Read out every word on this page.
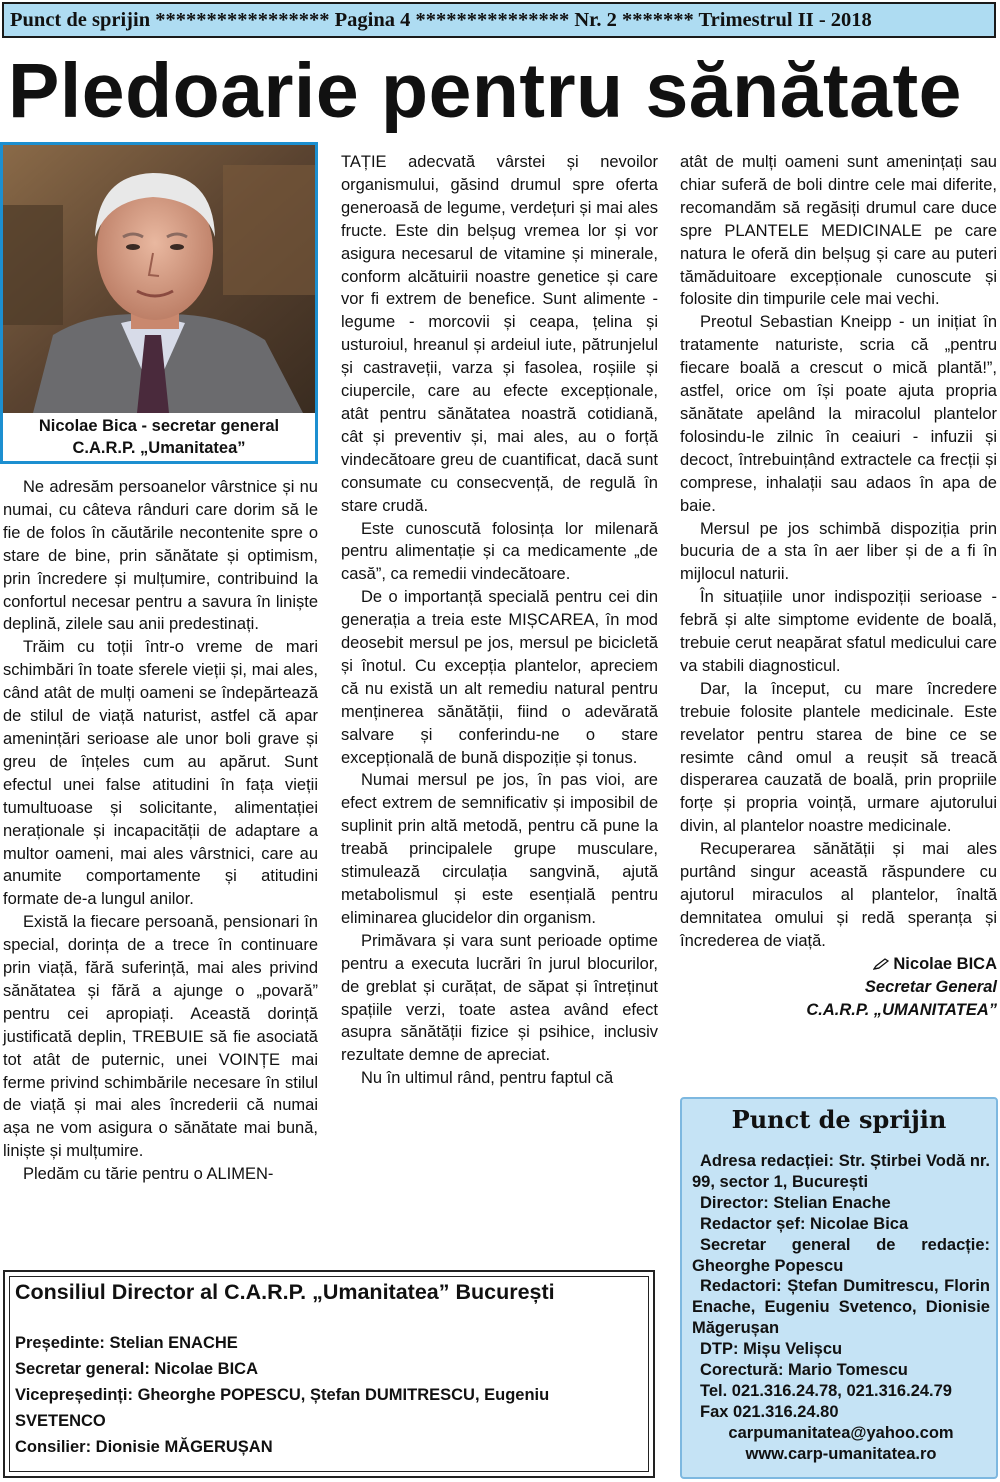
Punct de sprijin ***************** Pagina 4 *************** Nr. 2 ******* Trimestrul II - 2018
Pledoarie pentru sănătate
Nicolae Bica - secretar general
C.A.R.P. „Umanitatea”

Ne adresăm persoanelor vârstnice și nu numai, cu câteva rânduri care dorim să le fie de folos în căutările necontenite spre o stare de bine, prin sănătate și optimism, prin încredere și mulțumire, contribuind la confortul necesar pentru a savura în liniște deplină, zilele sau anii predestinați.

Trăim cu toții într-o vreme de mari schimbări în toate sferele vieții și, mai ales, când atât de mulți oameni se îndepărtează de stilul de viață naturist, astfel că apar amenințări serioase ale unor boli grave și greu de înțeles cum au apărut. Sunt efectul unei false atitudini în fața vieții tumultuoase și solicitante, alimentației neraționale și incapacității de adaptare a multor oameni, mai ales vârstnici, care au anumite comportamente și atitudini formate de-a lungul anilor.

Există la fiecare persoană, pensionari în special, dorința de a trece în continuare prin viață, fără suferință, mai ales privind sănătatea și fără a ajunge o „povară” pentru cei apropiați. Această dorință justificată deplin, TREBUIE să fie asociată tot atât de puternic, unei VOINȚE mai ferme privind schimbările necesare în stilul de viață și mai ales încrederii că numai așa ne vom asigura o sănătate mai bună, liniște și mulțumire.

Pledăm cu tărie pentru o ALIMEN-

TAȚIE adecvată vârstei și nevoilor organismului, găsind drumul spre oferta generoasă de legume, verdețuri și mai ales fructe. Este din belșug vremea lor și vor asigura necesarul de vitamine și minerale, conform alcătuirii noastre genetice și care vor fi extrem de benefice. Sunt alimente - legume - morcovii și ceapa, țelina și usturoiul, hreanul și ardeiul iute, pătrunjelul și castraveții, varza și fasolea, roșiile și ciupercile, care au efecte excepționale, atât pentru sănătatea noastră cotidiană, cât și preventiv și, mai ales, au o forță vindecătoare greu de cuantificat, dacă sunt consumate cu consecvență, de regulă în stare crudă.

Este cunoscută folosința lor milenară pentru alimentație și ca medicamente „de casă”, ca remedii vindecătoare.

De o importanță specială pentru cei din generația a treia este MIȘCAREA, în mod deosebit mersul pe jos, mersul pe bicicletă și înotul. Cu excepția plantelor, apreciem că nu există un alt remediu natural pentru menținerea sănătății, fiind o adevărată salvare și conferindu-ne o stare excepțională de bună dispoziție și tonus.

Numai mersul pe jos, în pas vioi, are efect extrem de semnificativ și imposibil de suplinit prin altă metodă, pentru că pune la treabă principalele grupe musculare, stimulează circulația sangvină, ajută metabolismul și este esențială pentru eliminarea glucidelor din organism.

Primăvara și vara sunt perioade optime pentru a executa lucrări în jurul blocurilor, de greblat și curățat, de săpat și întreținut spațiile verzi, toate astea având efect asupra sănătății fizice și psihice, inclusiv rezultate demne de apreciat.

Nu în ultimul rând, pentru faptul că

atât de mulți oameni sunt amenințați sau chiar suferă de boli dintre cele mai diferite, recomandăm să regăsiți drumul care duce spre PLANTELE MEDICINALE pe care natura le oferă din belșug și care au puteri tămăduitoare excepționale cunoscute și folosite din timpurile cele mai vechi.

Preotul Sebastian Kneipp - un inițiat în tratamente naturiste, scria că „pentru fiecare boală a crescut o mică plantă!”, astfel, orice om își poate ajuta propria sănătate apelând la miracolul plantelor folosindu-le zilnic în ceaiuri - infuzii și decoct, întrebuințând extractele ca frecții și comprese, inhalații sau adaos în apa de baie.

Mersul pe jos schimbă dispoziția prin bucuria de a sta în aer liber și de a fi în mijlocul naturii.

În situațiile unor indispoziții serioase - febră și alte simptome evidente de boală, trebuie cerut neapărat sfatul medicului care va stabili diagnosticul.

Dar, la început, cu mare încredere trebuie folosite plantele medicinale. Este revelator pentru starea de bine ce se resimte când omul a reușit să treacă disperarea cauzată de boală, prin propriile forțe și propria voință, urmare ajutorului divin, al plantelor noastre medicinale.

Recuperarea sănătății și mai ales purtând singur această răspundere cu ajutorul miraculos al plantelor, înaltă demnitatea omului și redă speranța și încrederea de viață.

Nicolae BICA

Secretar General

C.A.R.P. „UMANITATEA”

Consiliul Director al C.A.R.P. „Umanitatea” București
Președinte: Stelian ENACHE
Secretar general: Nicolae BICA
Vicepreședinți: Gheorghe POPESCU, Ștefan DUMITRESCU, Eugeniu SVETENCO
Consilier: Dionisie MĂGERUȘAN
Punct de sprijin

Adresa redacției: Str. Știrbei Vodă nr. 99, sector 1, București

Director: Stelian Enache

Redactor șef: Nicolae Bica

Secretar general de redacție: Gheorghe Popescu

Redactori: Ștefan Dumitrescu, Florin Enache, Eugeniu Svetenco, Dionisie Măgerușan

DTP: Mișu Velișcu

Corectură: Mario Tomescu

Tel. 021.316.24.78, 021.316.24.79

Fax 021.316.24.80

carpumanitatea@yahoo.com

www.carp-umanitatea.ro
